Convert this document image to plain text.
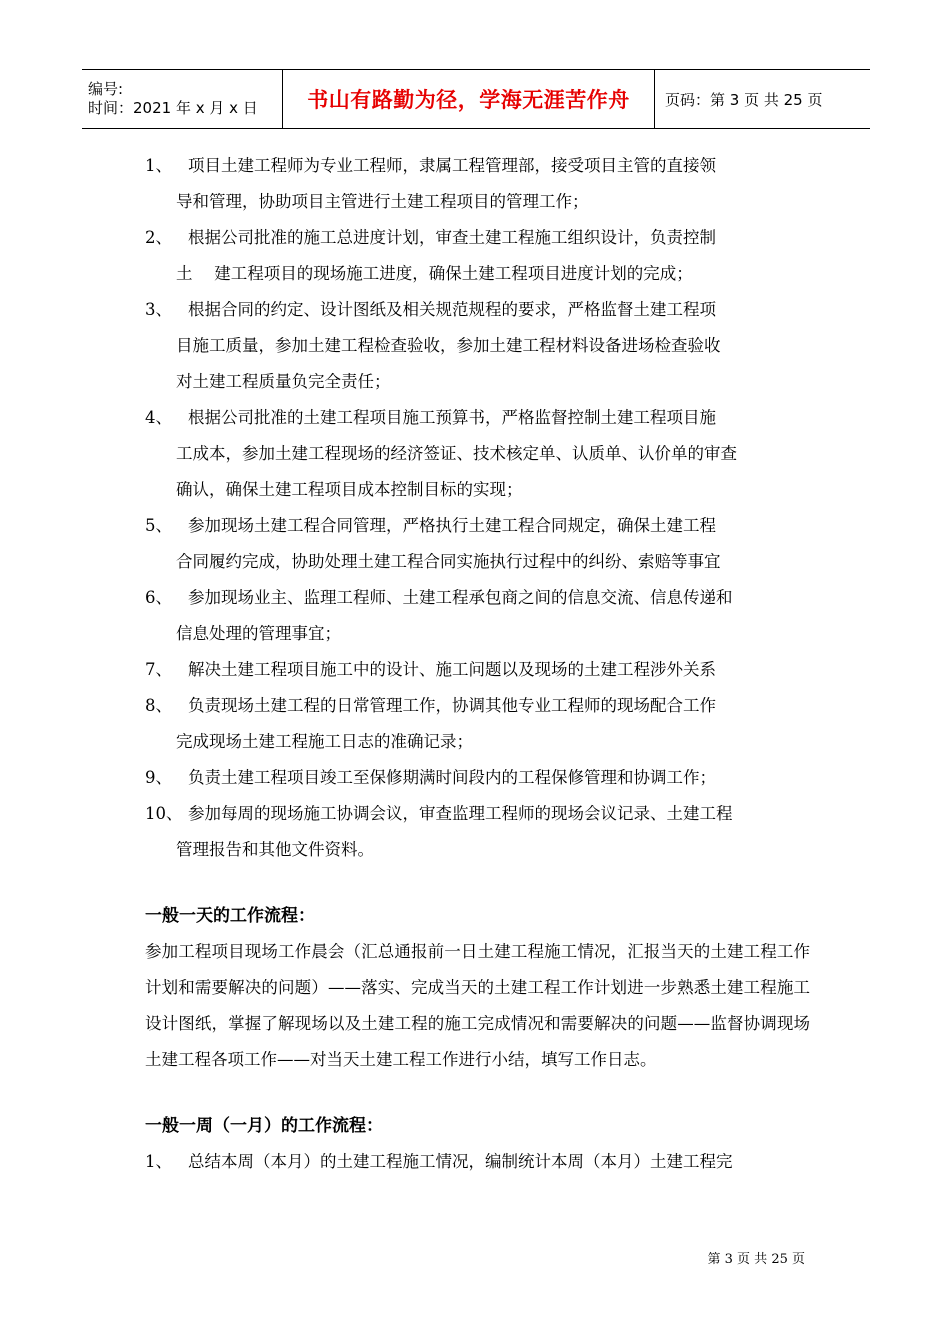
编号:
时间：2021 年 x 月 x 日	书山有路勤为径，学海无涯苦作舟	页码：第 3 页 共 25 页
1、 项目土建工程师为专业工程师，隶属工程管理部，接受项目主管的直接领
导和管理，协助项目主管进行土建工程项目的管理工作；
2、 根据公司批准的施工总进度计划，审查土建工程施工组织设计，负责控制
土　 建工程项目的现场施工进度，确保土建工程项目进度计划的完成；
3、 根据合同的约定、设计图纸及相关规范规程的要求，严格监督土建工程项
目施工质量，参加土建工程检查验收，参加土建工程材料设备进场检查验收
对土建工程质量负完全责任；
4、 根据公司批准的土建工程项目施工预算书，严格监督控制土建工程项目施
工成本，参加土建工程现场的经济签证、技术核定单、认质单、认价单的审查
确认，确保土建工程项目成本控制目标的实现；
5、 参加现场土建工程合同管理，严格执行土建工程合同规定，确保土建工程
合同履约完成，协助处理土建工程合同实施执行过程中的纠纷、索赔等事宜
6、 参加现场业主、监理工程师、土建工程承包商之间的信息交流、信息传递和
信息处理的管理事宜；
7、 解决土建工程项目施工中的设计、施工问题以及现场的土建工程涉外关系
8、 负责现场土建工程的日常管理工作，协调其他专业工程师的现场配合工作
完成现场土建工程施工日志的准确记录；
9、 负责土建工程项目竣工至保修期满时间段内的工程保修管理和协调工作；
10、 参加每周的现场施工协调会议，审查监理工程师的现场会议记录、土建工程
管理报告和其他文件资料。
一般一天的工作流程：
参加工程项目现场工作晨会（汇总通报前一日土建工程施工情况，汇报当天的土建工程工作计划和需要解决的问题）——落实、完成当天的土建工程工作计划进一步熟悉土建工程施工设计图纸，掌握了解现场以及土建工程的施工完成情况和需要解决的问题——监督协调现场土建工程各项工作——对当天土建工程工作进行小结，填写工作日志。
一般一周（一月）的工作流程：
1、 总结本周（本月）的土建工程施工情况，编制统计本周（本月）土建工程完
第 3 页 共 25 页
